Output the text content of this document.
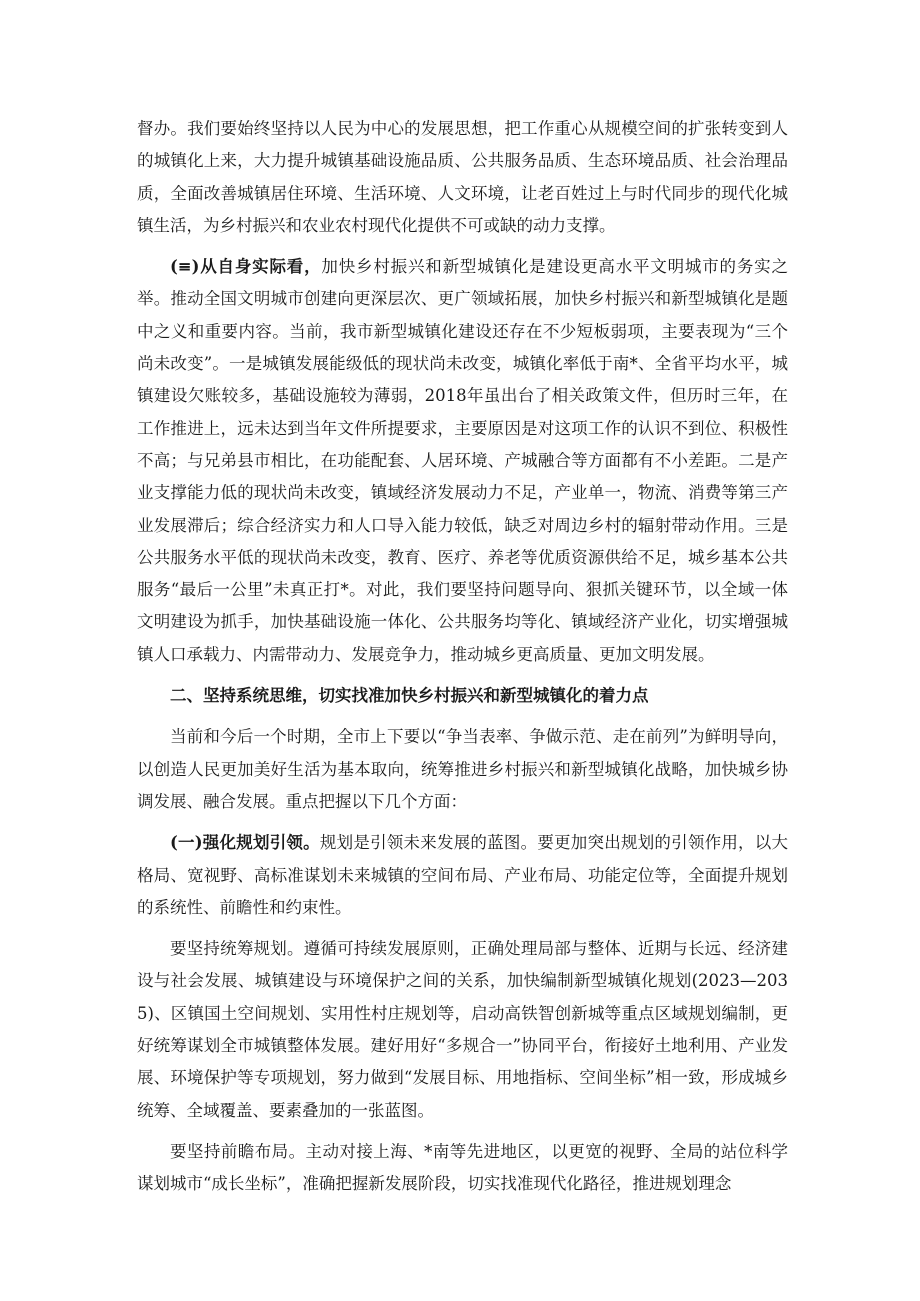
督办。我们要始终坚持以人民为中心的发展思想，把工作重心从规模空间的扩张转变到人的城镇化上来，大力提升城镇基础设施品质、公共服务品质、生态环境品质、社会治理品质，全面改善城镇居住环境、生活环境、人文环境，让老百姓过上与时代同步的现代化城镇生活，为乡村振兴和农业农村现代化提供不可或缺的动力支撑。

(≡)从自身实际看，加快乡村振兴和新型城镇化是建设更高水平文明城市的务实之举。推动全国文明城市创建向更深层次、更广领域拓展，加快乡村振兴和新型城镇化是题中之义和重要内容。当前，我市新型城镇化建设还存在不少短板弱项，主要表现为“三个尚未改变”。一是城镇发展能级低的现状尚未改变，城镇化率低于南*、全省平均水平，城镇建设欠账较多，基础设施较为薄弱，2018年虽出台了相关政策文件，但历时三年，在工作推进上，远未达到当年文件所提要求，主要原因是对这项工作的认识不到位、积极性不高；与兄弟县市相比，在功能配套、人居环境、产城融合等方面都有不小差距。二是产业支撑能力低的现状尚未改变，镇域经济发展动力不足，产业单一，物流、消费等第三产业发展滞后；综合经济实力和人口导入能力较低，缺乏对周边乡村的辐射带动作用。三是公共服务水平低的现状尚未改变，教育、医疗、养老等优质资源供给不足，城乡基本公共服务“最后一公里”未真正打*。对此，我们要坚持问题导向、狠抓关键环节，以全域一体文明建设为抓手，加快基础设施一体化、公共服务均等化、镇域经济产业化，切实增强城镇人口承载力、内需带动力、发展竞争力，推动城乡更高质量、更加文明发展。

二、坚持系统思维，切实找准加快乡村振兴和新型城镇化的着力点

当前和今后一个时期，全市上下要以“争当表率、争做示范、走在前列”为鲜明导向，以创造人民更加美好生活为基本取向，统筹推进乡村振兴和新型城镇化战略，加快城乡协调发展、融合发展。重点把握以下几个方面：

(一)强化规划引领。规划是引领未来发展的蓝图。要更加突出规划的引领作用，以大格局、宽视野、高标准谋划未来城镇的空间布局、产业布局、功能定位等，全面提升规划的系统性、前瞻性和约束性。

要坚持统筹规划。遵循可持续发展原则，正确处理局部与整体、近期与长远、经济建设与社会发展、城镇建设与环境保护之间的关系，加快编制新型城镇化规划(2023—2035)、区镇国土空间规划、实用性村庄规划等，启动高铁智创新城等重点区域规划编制，更好统筹谋划全市城镇整体发展。建好用好“多规合一”协同平台，衔接好土地利用、产业发展、环境保护等专项规划，努力做到“发展目标、用地指标、空间坐标”相一致，形成城乡统筹、全域覆盖、要素叠加的一张蓝图。

要坚持前瞻布局。主动对接上海、*南等先进地区，以更宽的视野、全局的站位科学谋划城市“成长坐标”，准确把握新发展阶段，切实找准现代化路径，推进规划理念
